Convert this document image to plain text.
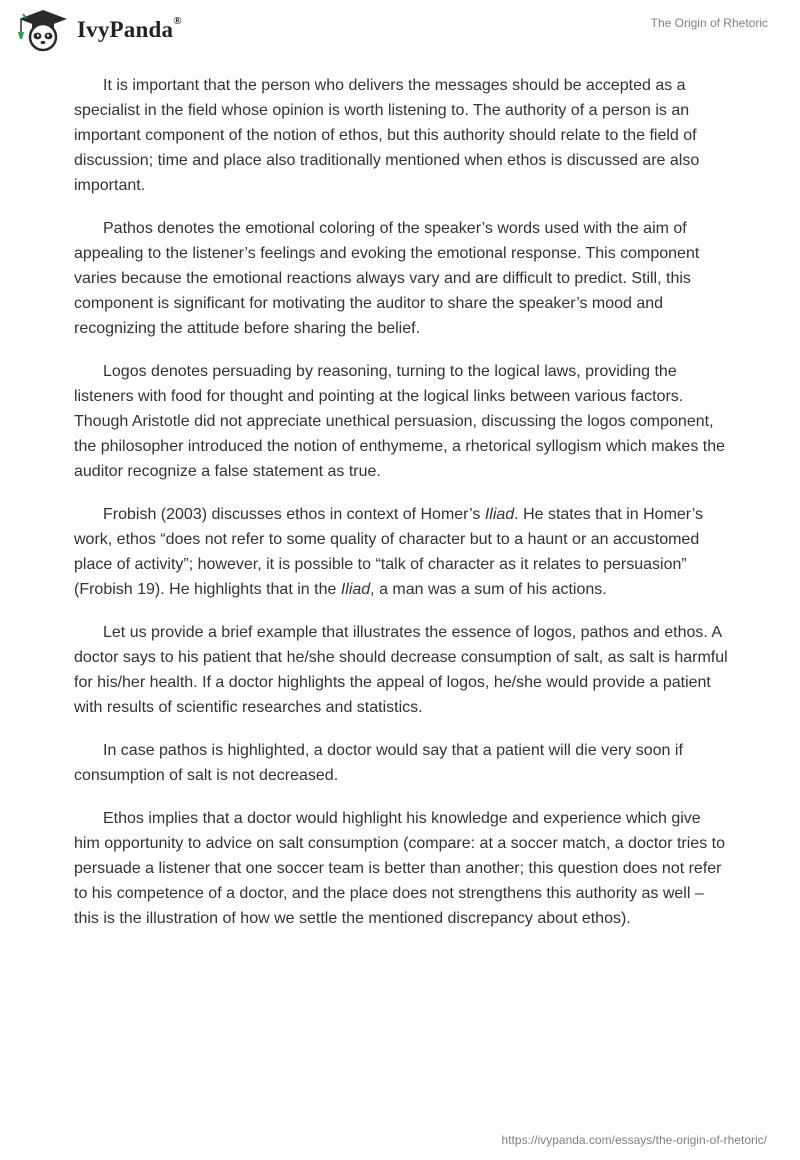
IvyPanda®	The Origin of Rhetoric

It is important that the person who delivers the messages should be accepted as a specialist in the field whose opinion is worth listening to. The authority of a person is an important component of the notion of ethos, but this authority should relate to the field of discussion; time and place also traditionally mentioned when ethos is discussed are also important.

Pathos denotes the emotional coloring of the speaker’s words used with the aim of appealing to the listener’s feelings and evoking the emotional response. This component varies because the emotional reactions always vary and are difficult to predict. Still, this component is significant for motivating the auditor to share the speaker’s mood and recognizing the attitude before sharing the belief.

Logos denotes persuading by reasoning, turning to the logical laws, providing the listeners with food for thought and pointing at the logical links between various factors. Though Aristotle did not appreciate unethical persuasion, discussing the logos component, the philosopher introduced the notion of enthymeme, a rhetorical syllogism which makes the auditor recognize a false statement as true.

Frobish (2003) discusses ethos in context of Homer’s Iliad. He states that in Homer’s work, ethos “does not refer to some quality of character but to a haunt or an accustomed place of activity”; however, it is possible to “talk of character as it relates to persuasion” (Frobish 19). He highlights that in the Iliad, a man was a sum of his actions.

Let us provide a brief example that illustrates the essence of logos, pathos and ethos. A doctor says to his patient that he/she should decrease consumption of salt, as salt is harmful for his/her health. If a doctor highlights the appeal of logos, he/she would provide a patient with results of scientific researches and statistics.

In case pathos is highlighted, a doctor would say that a patient will die very soon if consumption of salt is not decreased.

Ethos implies that a doctor would highlight his knowledge and experience which give him opportunity to advice on salt consumption (compare: at a soccer match, a doctor tries to persuade a listener that one soccer team is better than another; this question does not refer to his competence of a doctor, and the place does not strengthens this authority as well – this is the illustration of how we settle the mentioned discrepancy about ethos).

https://ivypanda.com/essays/the-origin-of-rhetoric/
